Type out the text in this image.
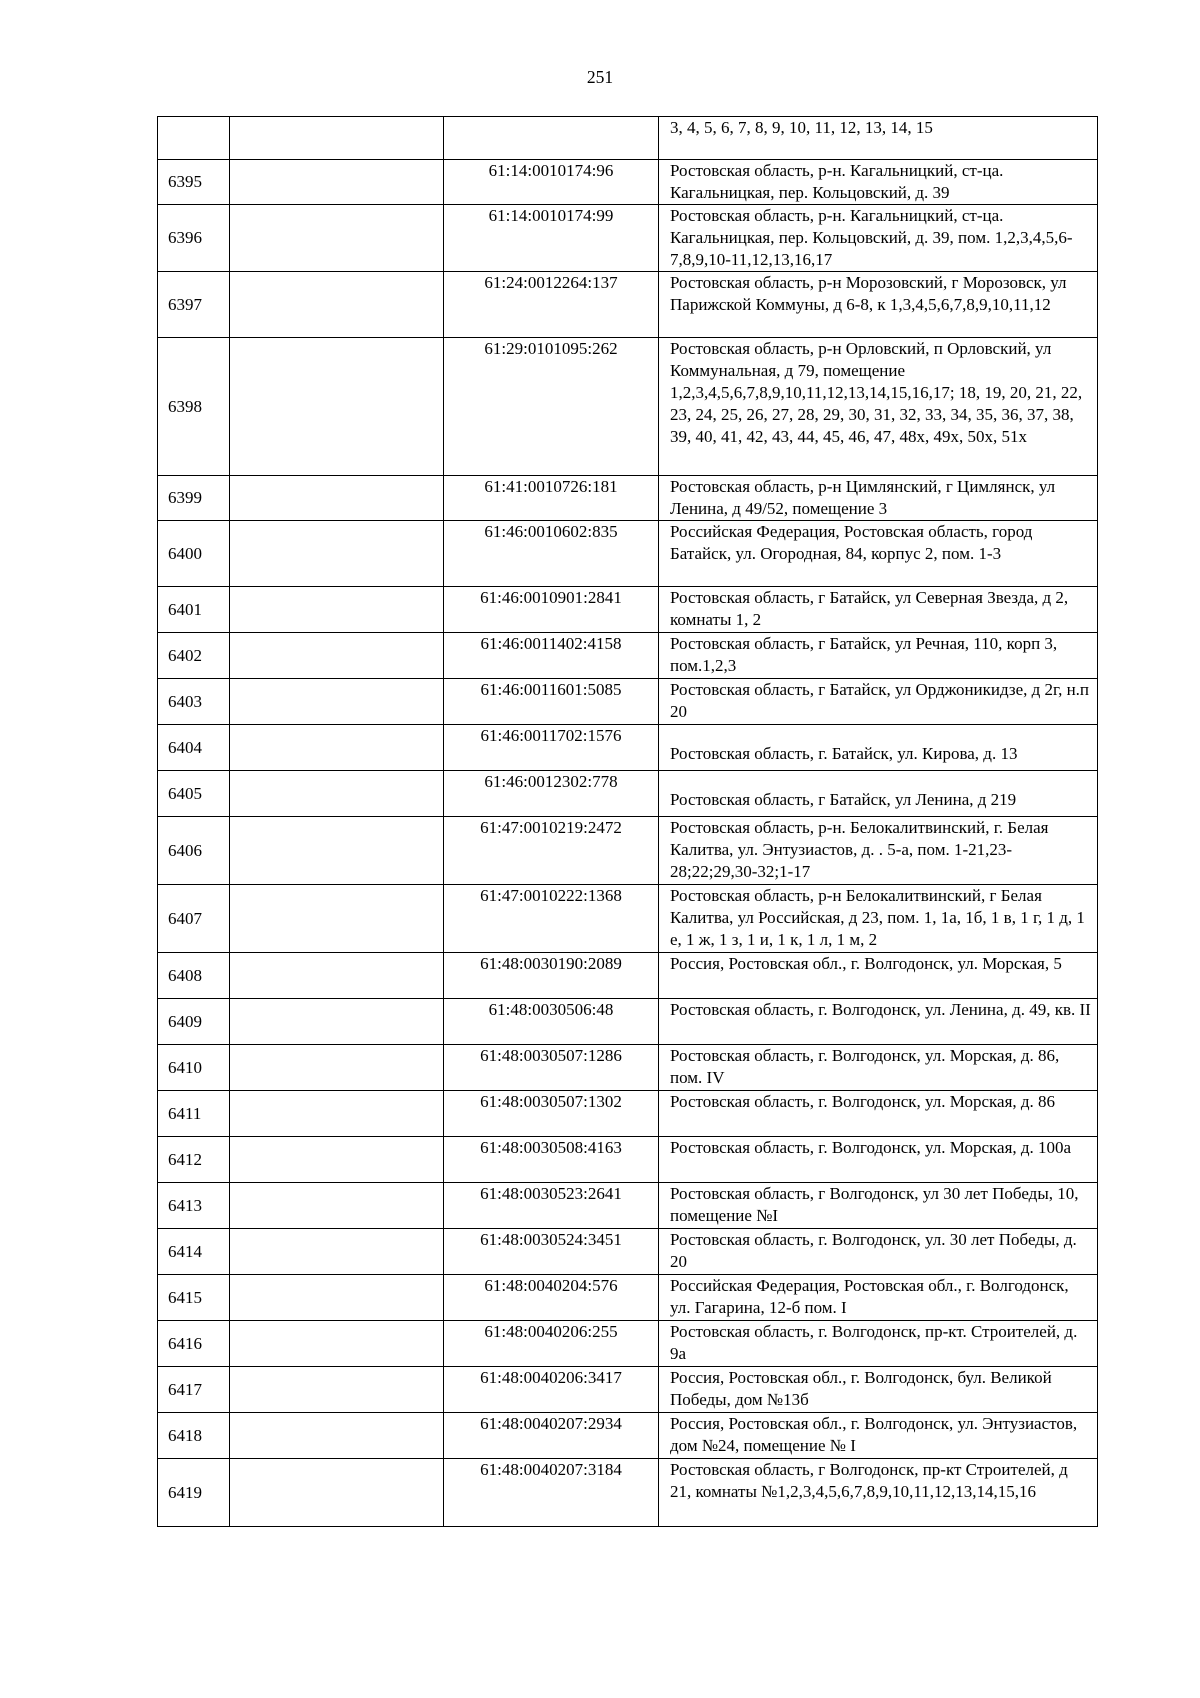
251
			3, 4, 5, 6, 7, 8, 9, 10, 11, 12, 13, 14, 15
6395		61:14:0010174:96	Ростовская область, р-н. Кагальницкий, ст-ца. Кагальницкая, пер. Кольцовский, д. 39
6396		61:14:0010174:99	Ростовская область, р-н. Кагальницкий, ст-ца. Кагальницкая, пер. Кольцовский, д. 39, пом. 1,2,3,4,5,6-7,8,9,10-11,12,13,16,17
6397		61:24:0012264:137	Ростовская область, р-н Морозовский, г Морозовск, ул Парижской Коммуны, д 6-8, к 1,3,4,5,6,7,8,9,10,11,12
6398		61:29:0101095:262	Ростовская область, р-н Орловский, п Орловский, ул Коммунальная, д 79, помещение 1,2,3,4,5,6,7,8,9,10,11,12,13,14,15,16,17; 18, 19, 20, 21, 22, 23, 24, 25, 26, 27, 28, 29, 30, 31, 32, 33, 34, 35, 36, 37, 38, 39, 40, 41, 42, 43, 44, 45, 46, 47, 48х, 49х, 50х, 51х
6399		61:41:0010726:181	Ростовская область, р-н Цимлянский, г Цимлянск, ул Ленина, д 49/52, помещение 3
6400		61:46:0010602:835	Российская Федерация, Ростовская область, город Батайск, ул. Огородная, 84, корпус 2, пом. 1-3
6401		61:46:0010901:2841	Ростовская область, г Батайск, ул Северная Звезда, д 2, комнаты 1, 2
6402		61:46:0011402:4158	Ростовская область, г Батайск, ул Речная, 110, корп 3, пом.1,2,3
6403		61:46:0011601:5085	Ростовская область, г Батайск, ул Орджоникидзе, д 2г, н.п 20
6404		61:46:0011702:1576	Ростовская область, г. Батайск, ул. Кирова, д. 13
6405		61:46:0012302:778	Ростовская область, г Батайск, ул Ленина, д 219
6406		61:47:0010219:2472	Ростовская область, р-н. Белокалитвинский, г. Белая Калитва, ул. Энтузиастов, д. . 5-а, пом. 1-21,23-28;22;29,30-32;1-17
6407		61:47:0010222:1368	Ростовская область, р-н Белокалитвинский, г Белая Калитва, ул Российская, д 23, пом. 1, 1а, 1б, 1 в, 1 г, 1 д, 1 е, 1 ж, 1 з, 1 и, 1 к, 1 л, 1 м, 2
6408		61:48:0030190:2089	Россия, Ростовская обл., г. Волгодонск, ул. Морская, 5
6409		61:48:0030506:48	Ростовская область, г. Волгодонск, ул. Ленина, д. 49, кв. II
6410		61:48:0030507:1286	Ростовская область, г. Волгодонск, ул. Морская, д. 86, пом. IV
6411		61:48:0030507:1302	Ростовская область, г. Волгодонск, ул. Морская, д. 86
6412		61:48:0030508:4163	Ростовская область, г. Волгодонск, ул. Морская, д. 100а
6413		61:48:0030523:2641	Ростовская область, г Волгодонск, ул 30 лет Победы, 10, помещение №I
6414		61:48:0030524:3451	Ростовская область, г. Волгодонск, ул. 30 лет Победы, д. 20
6415		61:48:0040204:576	Российская Федерация, Ростовская обл., г. Волгодонск, ул. Гагарина, 12-б пом. I
6416		61:48:0040206:255	Ростовская область, г. Волгодонск, пр-кт. Строителей, д. 9а
6417		61:48:0040206:3417	Россия, Ростовская обл., г. Волгодонск, бул. Великой Победы, дом №13б
6418		61:48:0040207:2934	Россия, Ростовская обл., г. Волгодонск, ул. Энтузиастов, дом №24, помещение № I
6419		61:48:0040207:3184	Ростовская область, г Волгодонск, пр-кт Строителей, д 21, комнаты №1,2,3,4,5,6,7,8,9,10,11,12,13,14,15,16
